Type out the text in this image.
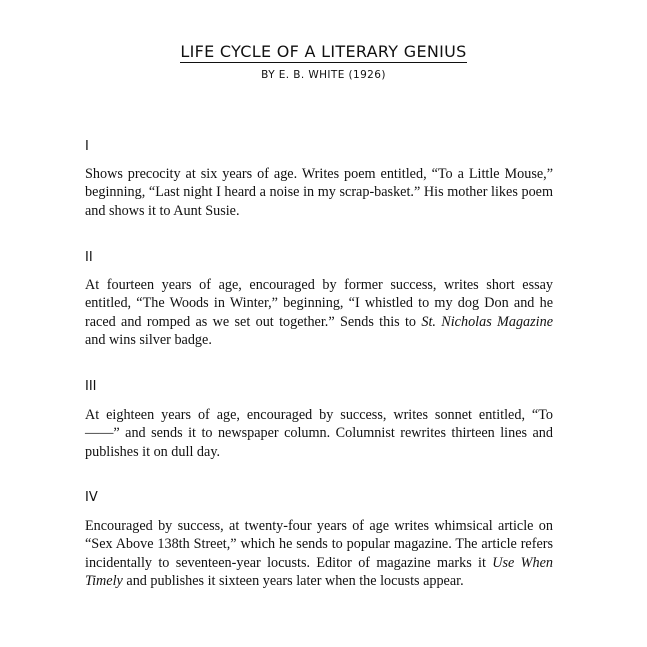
LIFE CYCLE OF A LITERARY GENIUS
BY E. B. WHITE (1926)
I

Shows precocity at six years of age. Writes poem entitled, “To a Little Mouse,” beginning, “Last night I heard a noise in my scrap-basket.” His mother likes poem and shows it to Aunt Susie.

II

At fourteen years of age, encouraged by former success, writes short essay entitled, “The Woods in Winter,” beginning, “I whistled to my dog Don and he raced and romped as we set out together.” Sends this to St. Nicholas Magazine and wins silver badge.

III

At eighteen years of age, encouraged by success, writes sonnet entitled, “To ——” and sends it to newspaper column. Columnist rewrites thirteen lines and publishes it on dull day.

IV

Encouraged by success, at twenty-four years of age writes whimsical article on “Sex Above 138th Street,” which he sends to popular magazine. The article refers incidentally to seventeen-year locusts. Editor of magazine marks it Use When Timely and publishes it sixteen years later when the locusts appear.
